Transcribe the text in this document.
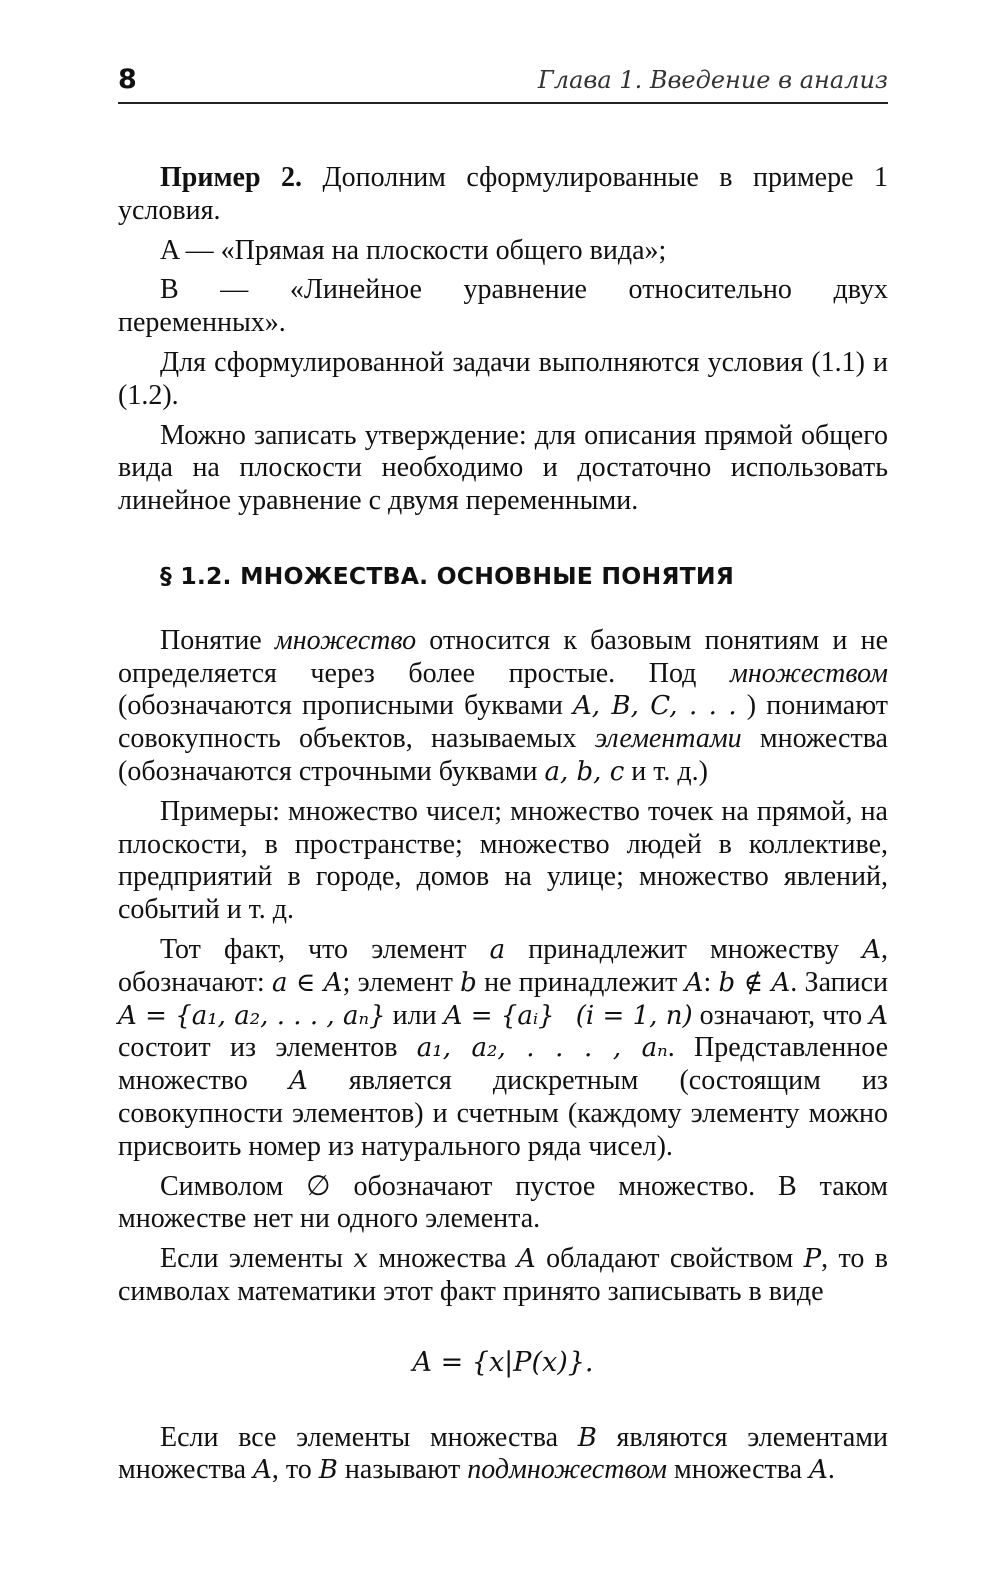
8	Глава 1. Введение в анализ

Пример 2. Дополним сформулированные в примере 1 условия.

A — «Прямая на плоскости общего вида»;

B — «Линейное уравнение относительно двух переменных».

Для сформулированной задачи выполняются условия (1.1) и (1.2).

Можно записать утверждение: для описания прямой общего вида на плоскости необходимо и достаточно использовать линейное уравнение с двумя переменными.

§ 1.2. МНОЖЕСТВА. ОСНОВНЫЕ ПОНЯТИЯ

Понятие множество относится к базовым понятиям и не определяется через более простые. Под множеством (обозначаются прописными буквами A, B, C, . . . ) понимают совокупность объектов, называемых элементами множества (обозначаются строчными буквами a, b, c и т. д.)

Примеры: множество чисел; множество точек на прямой, на плоскости, в пространстве; множество людей в коллективе, предприятий в городе, домов на улице; множество явлений, событий и т. д.

Тот факт, что элемент a принадлежит множеству A, обозначают: a ∈ A; элемент b не принадлежит A: b ∉ A. Записи A = {a₁, a₂, . . . , aₙ} или A = {aᵢ} (i = 1, n) означают, что A состоит из элементов a₁, a₂, . . . , aₙ. Представленное множество A является дискретным (состоящим из совокупности элементов) и счетным (каждому элементу можно присвоить номер из натурального ряда чисел).

Символом ∅ обозначают пустое множество. В таком множестве нет ни одного элемента.

Если элементы x множества A обладают свойством P, то в символах математики этот факт принято записывать в виде

A = {x|P(x)}.

Если все элементы множества B являются элементами множества A, то B называют подмножеством множества A.
